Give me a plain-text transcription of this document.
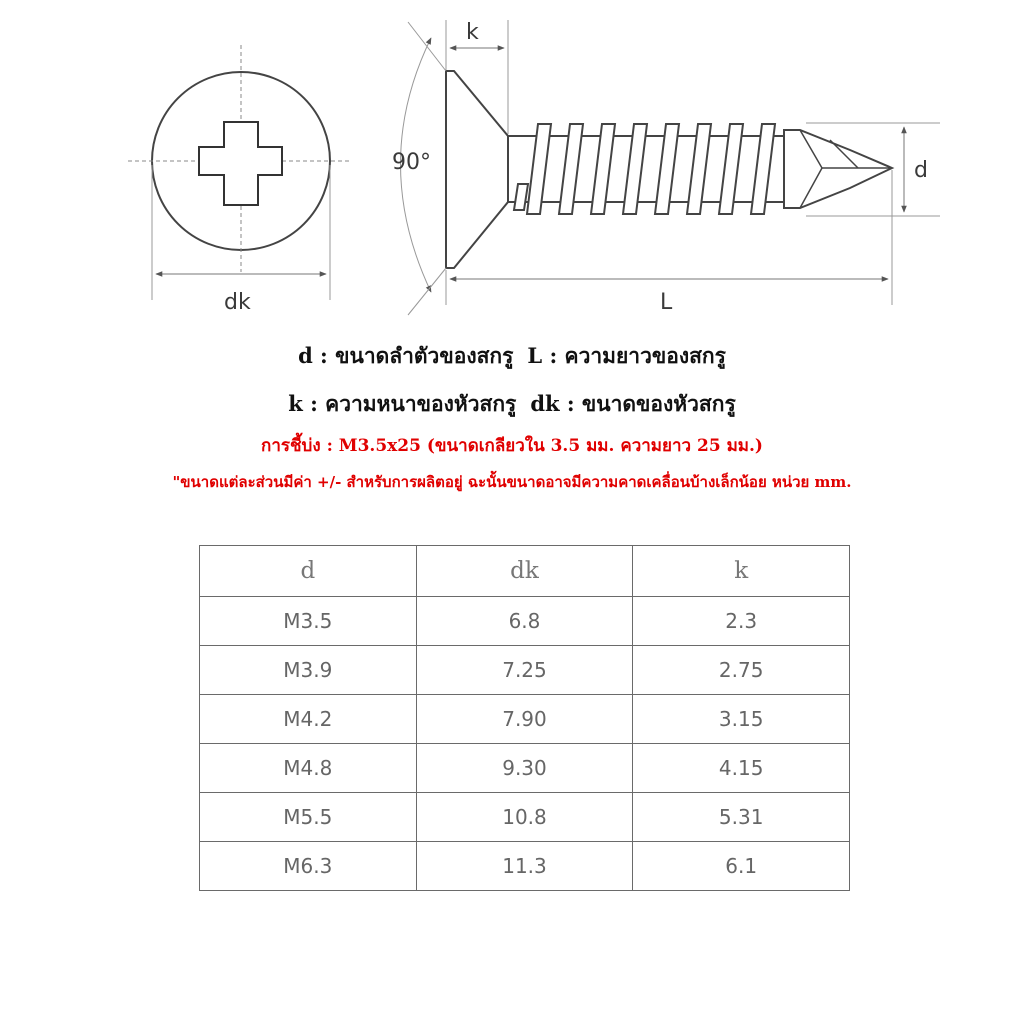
k
90°	d
dk	L
d : ขนาดลำตัวของสกรู L : ความยาวของสกรู
k : ความหนาของหัวสกรู dk : ขนาดของหัวสกรู
การชี้บ่ง : M3.5x25 (ขนาดเกลียวใน 3.5 มม. ความยาว 25 มม.)
"ขนาดแต่ละส่วนมีค่า +/- สำหรับการผลิตอยู่ ฉะนั้นขนาดอาจมีความคาดเคลื่อนบ้างเล็กน้อย หน่วย mm.
d	dk	k
M3.5	6.8	2.3
M3.9	7.25	2.75
M4.2	7.90	3.15
M4.8	9.30	4.15
M5.5	10.8	5.31
M6.3	11.3	6.1
